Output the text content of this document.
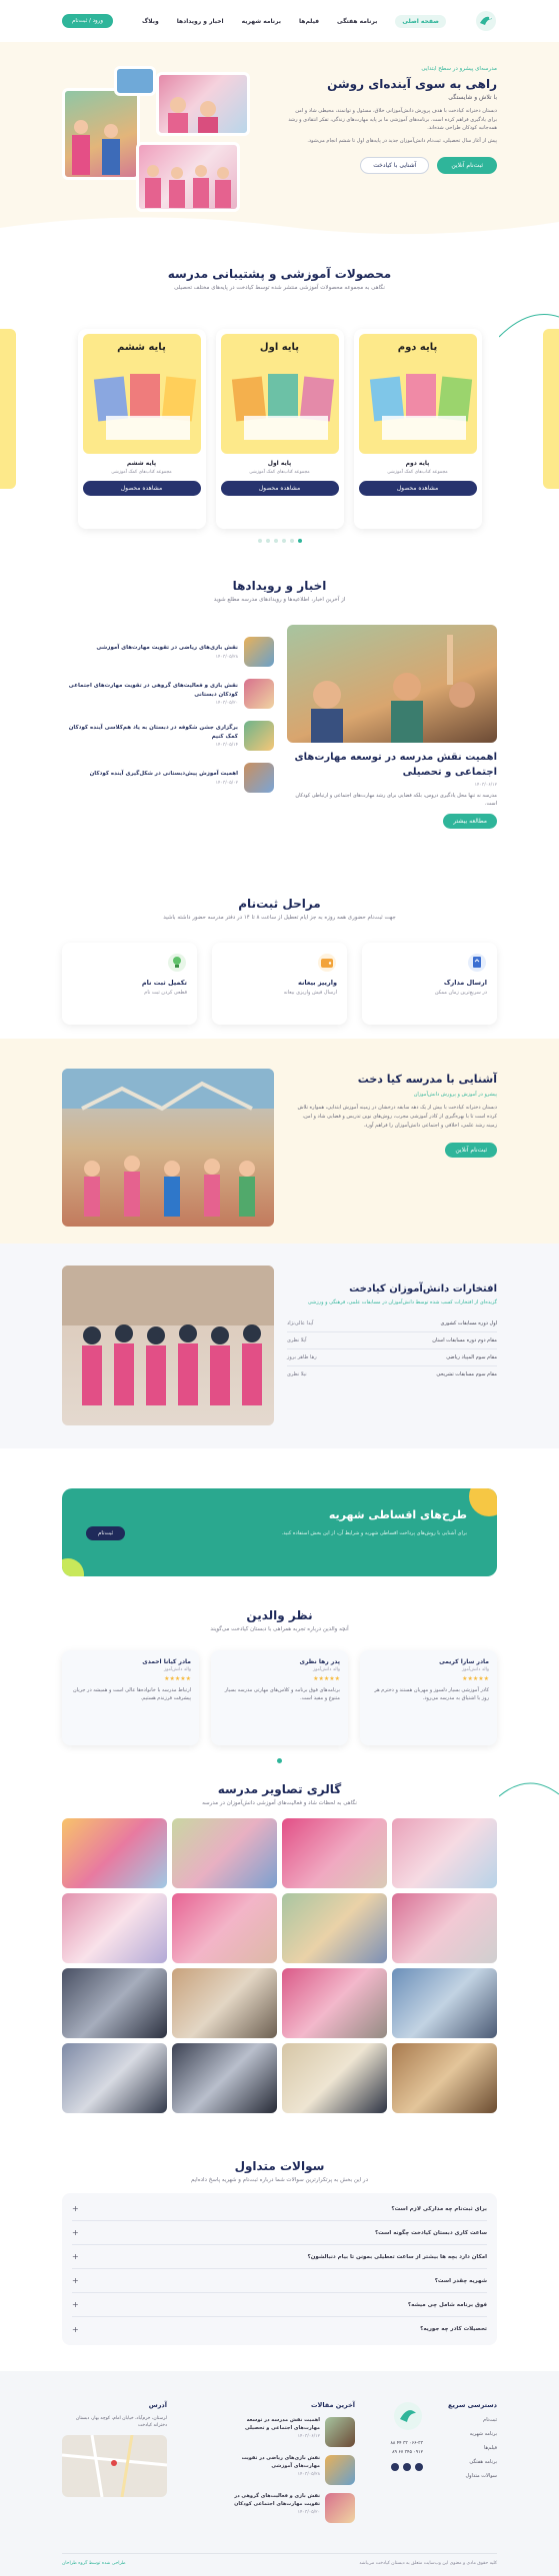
صفحه اصلی
برنامه هفتگی
فیلم‌ها
برنامه شهریه
اخبار و رویدادها
وبلاگ
ورود / ثبت‌نام
مدرسه‌ای پیشرو در سطح ابتدایی
راهی به سوی آینده‌ای روشن
با تلاش و شایستگی
دبستان دخترانه کیادخت با هدف پرورش دانش‌آموزانی خلاق، مسئول و توانمند، محیطی شاد و امن برای یادگیری فراهم کرده است. برنامه‌های آموزشی ما بر پایه مهارت‌های زندگی، تفکر انتقادی و رشد همه‌جانبه کودکان طراحی شده‌اند.
پیش از آغاز سال تحصیلی، ثبت‌نام دانش‌آموزان جدید در پایه‌های اول تا ششم انجام می‌شود.
ثبت‌نام آنلاین
آشنایی با کیادخت
محصولات آموزشی و پشتیبانی مدرسه
نگاهی به مجموعه محصولات آموزشی منتشر شده توسط کیادخت در پایه‌های مختلف تحصیلی
پایه دوم
پایه دوم
مجموعه کتاب‌های کمک آموزشی
مشاهده محصول
پایه اول
پایه اول
مجموعه کتاب‌های کمک آموزشی
مشاهده محصول
پایه ششم
پایه ششم
مجموعه کتاب‌های کمک آموزشی
مشاهده محصول
اخبار و رویدادها
از آخرین اخبار، اطلاعیه‌ها و رویدادهای مدرسه مطلع شوید
اهمیت نقش مدرسه در توسعه مهارت‌های اجتماعی و تحصیلی
۱۴۰۳/۰۶/۱۲
مدرسه نه تنها محل یادگیری دروس، بلکه فضایی برای رشد مهارت‌های اجتماعی و ارتباطی کودکان است.
مطالعه بیشتر
نقش بازی‌های ریاضی در تقویت مهارت‌های آموزشی
۱۴۰۳/۰۵/۲۸
نقش بازی و فعالیت‌های گروهی در تقویت مهارت‌های اجتماعی کودکان دبستانی
۱۴۰۳/۰۵/۲۰
برگزاری جشن شکوفه در دبستان به یاد هم‌کلاسی آینده کودکان کمک کنیم
۱۴۰۳/۰۵/۱۴
اهمیت آموزش پیش‌دبستانی در شکل‌گیری آینده کودکان
۱۴۰۳/۰۵/۰۲
مراحل ثبت‌نام
جهت ثبت‌نام حضوری همه روزه به جز ایام تعطیل از ساعت ۸ تا ۱۴ در دفتر مدرسه حضور داشته باشید
ارسال مدارک
در سریع‌ترین زمان ممکن
وارییز بیعانه
ارسال فیش واریزی بیعانه
تکمیل ثبت نام
قطعی کردن ثبت نام
آشنایی با مدرسه کیا دخت
پیشرو در آموزش و پرورش دانش‌آموزان
دبستان دخترانه کیادخت با بیش از یک دهه سابقه درخشان در زمینه آموزش ابتدایی، همواره تلاش کرده است تا با بهره‌گیری از کادر آموزشی مجرب، روش‌های نوین تدریس و فضایی شاد و امن، زمینه رشد علمی، اخلاقی و اجتماعی دانش‌آموزان را فراهم آورد.
ثبت‌نام آنلاین
افتخارات دانش‌آموزان کیادخت
گزیده‌ای از افتخارات کسب شده توسط دانش‌آموزان در مسابقات علمی، فرهنگی و ورزشی
اول دوره مسابقات کشوری
آیدا عالی‌نژاد
مقام دوم دوره مسابقات استان
آیلا نظری
مقام سوم المپیاد ریاضی
رها طاهر بروز
مقام سوم مسابقات تشریحی
نیلا نظری
طرح‌های اقساطی شهریه
برای آشنایی با روش‌های پرداخت اقساطی شهریه و شرایط آن، از این بخش استفاده کنید.
ثبت‌نام
نظر والدین
آنچه والدین درباره تجربه همراهی با دبستان کیادخت می‌گویند
مادر سارا کریمی
والد دانش‌آموز
★★★★★
کادر آموزشی بسیار دلسوز و مهربان هستند و دخترم هر روز با اشتیاق به مدرسه می‌رود.
پدر رها نظری
والد دانش‌آموز
★★★★★
برنامه‌های فوق برنامه و کلاس‌های مهارتی مدرسه بسیار متنوع و مفید است.
مادر کیانا احمدی
والد دانش‌آموز
★★★★★
ارتباط مدرسه با خانواده‌ها عالی است و همیشه در جریان پیشرفت فرزندم هستیم.
گالری تصاویر مدرسه
نگاهی به لحظات شاد و فعالیت‌های آموزشی دانش‌آموزان در مدرسه
سوالات متداول
در این بخش به پرتکرارترین سوالات شما درباره ثبت‌نام و شهریه پاسخ داده‌ایم
برای ثبت‌نام چه مدارکی لازم است؟
+
ساعت کاری دبستان کیادخت چگونه است؟
+
امکان دارد بچه ها بیشتر از ساعت تعطیلی بمونن تا بیام دنبالشون؟
+
شهریه چقدر است؟
+
فوق برنامه شامل چی میشه؟
+
تحصیلات کادر چه جوریه؟
+
دسترسی سریع
ثبت‌نام
برنامه شهریه
فیلم‌ها
برنامه هفتگی
سوالات متداول
۰۶۶-۳۳ ۳۳ ۴۴ ۸۸
۰۹۱۲ ۳۴۵ ۶۷ ۸۹
آخرین مقالات
اهمیت نقش مدرسه در توسعه مهارت‌های اجتماعی و تحصیلی
۱۴۰۳/۰۶/۱۲
نقش بازی‌های ریاضی در تقویت مهارت‌های آموزشی
۱۴۰۳/۰۵/۲۸
نقش بازی و فعالیت‌های گروهی در تقویت مهارت‌های اجتماعی کودکان
۱۴۰۳/۰۵/۲۰
آدرس
لرستان، خرم‌آباد، خیابان امام، کوچه بهار، دبستان دخترانه کیادخت
کلیه حقوق مادی و معنوی این وب‌سایت متعلق به دبستان کیادخت می‌باشد
طراحی شده توسط گروه طراحان
